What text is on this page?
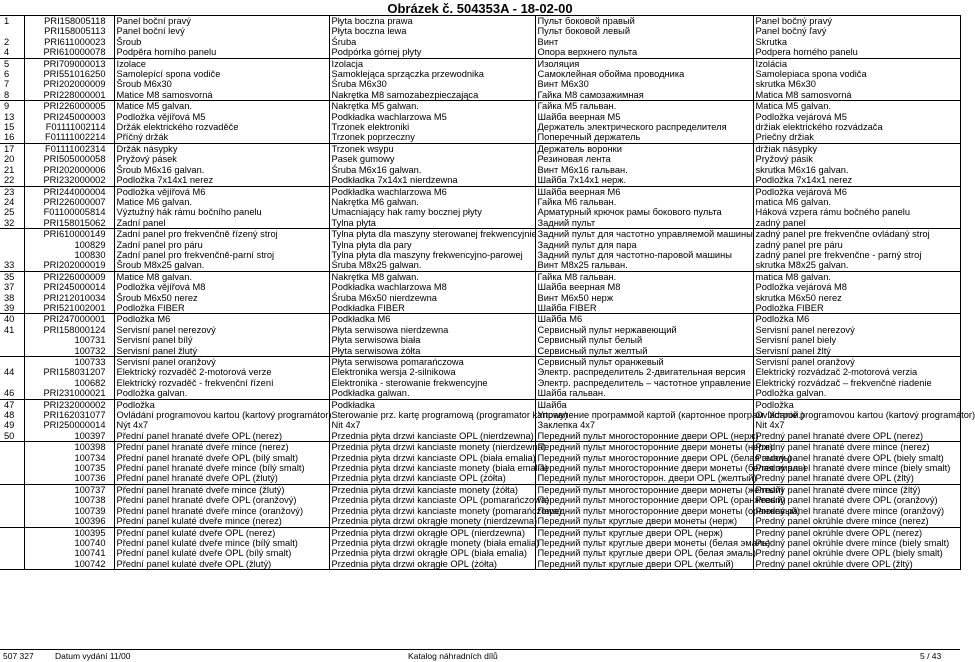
Obrázek č. 504353A - 18-02-00
1	PRI158005118	Panel boční pravý	Płyta boczna prawa	Пульт боковой правый	Panel bočný pravý
	PRI158005113	Panel boční levý	Płyta boczna lewa	Пульт боковой левый	Panel bočný ľavý
2	PRI611000023	Šroub	Śruba	Винт	Skrutka
4	PRI610000078	Podpěra horního panelu	Podpórka górnej płyty	Опора верхнего пульта	Podpera horného panelu
5	PRI709000013	Izolace	Izolacja	Изоляция	Izolácia
6	PRI551016250	Samolepící spona vodiče	Samoklejąca sprzączka przewodnika	Самоклейная обойма проводника	Samolepiaca spona vodiča
7	PRI202000009	Šroub M6x30	Śruba M6x30	Винт M6x30	skrutka M6x30
8	PRI228000001	Matice M8 samosvorná	Nakrętka M8 samozabezpieczająca	Гайка M8 самозажимная	Matica M8 samosvorná
9	PRI226000005	Matice M5 galvan.	Nakrętka M5 galwan.	Гайка M5 гальван.	Matica M5 galvan.
13	PRI245000003	Podložka vějířová M5	Podkładka wachlarzowa M5	Шайба веерная M5	Podložka vejárová M5
15	F01111002114	Držák elektrického rozvaděče	Trzonek elektroniki	Держатель электрического распределителя	držiak elektrického rozvádzača
16	F01111002214	Příčný držák	Trzonek poprzeczny	Поперечный держатель	Priečny držiak
17	F01111002314	Držák násypky	Trzonek wsypu	Держатель воронки	držiak násypky
20	PRI505000058	Pryžový pásek	Pasek gumowy	Резиновая лента	Pryžový pásik
21	PRI202000006	Šroub M6x16 galvan.	Śruba M6x16 galwan.	Винт M6x16 гальван.	skrutka M6x16 galvan.
22	PRI232000002	Podložka 7x14x1 nerez	Podkładka 7x14x1 nierdzewna	Шайба 7x14x1 нерж.	Podložka 7x14x1 nerez
23	PRI244000004	Podložka vějířová M6	Podkładka wachlarzowa M6	Шайба веерная M6	Podložka vejárová M6
24	PRI226000007	Matice M6 galvan.	Nakrętka M6 galwan.	Гайка M6 гальван.	matica M6 galvan.
25	F01100005814	Výztužný hák rámu bočního panelu	Umacniający hak ramy bocznej płyty	Арматурный крючок рамы бокового пульта	Háková vzpera rámu bočného panelu
32	PRI158015062	Zadní panel	Tylna płyta	Задний пульт	zadný panel
	PRI610000149	Zadní panel pro frekvenčně řízený stroj	Tylna płyta dla maszyny sterowanej frekwencyjnie	Задний пульт для частотно управляемой машины	zadný panel pre frekvenčne ovládaný stroj
	100829	Zadní panel pro páru	Tylna płyta dla pary	Задний пульт для пара	zadný panel pre páru
	100830	Zadní panel pro frekvenčně-parní stroj	Tylna płyta dla maszyny frekwencyjno-parowej	Задний пульт для частотно-паровой машины	zadný panel pre frekvenčne - parný stroj
33	PRI202000019	Šroub M8x25 galvan.	Śruba M8x25 galwan.	Винт M8x25 гальван.	skrutka M8x25 galvan.
35	PRI226000009	Matice M8 galvan.	Nakrętka M8 galwan.	Гайка M8 гальван.	matica M8 galvan.
37	PRI245000014	Podložka vějířová M8	Podkładka wachlarzowa M8	Шайба веерная M8	Podložka vejárová M8
38	PRI212010034	Šroub M6x50 nerez	Śruba M6x50 nierdzewna	Винт M6x50 нерж	skrutka M6x50 nerez
39	PRI521002001	Podložka FIBER	Podkładka FIBER	Шайба FIBER	Podložka FIBER
40	PRI247000001	Podložka M6	Podkładka M6	Шайба M6	Podložka M6
41	PRI158000124	Servisní panel nerezový	Płyta serwisowa nierdzewna	Сервисный пульт нержавеющий	Servisní panel nerezový
	100731	Servisní panel bílý	Płyta serwisowa biała	Сервисный пульт белый	Servisní panel biely
	100732	Servisní panel žlutý	Płyta serwisowa żółta	Сервисный пульт желтый	Servisní panel žltý
	100733	Servisní panel oranžový	Płyta serwisowa pomarańczowa	Сервисный пульт оранжевый	Servisní panel oranžový
44	PRI158031207	Elektrický rozvaděč 2-motorová verze	Elektronika wersja 2-silnikowa	Электр. распределитель 2-двигательная версия	Elektrický rozvádzač 2-motorová verzia
	100682	Elektrický rozvaděč - frekvenční řízení	Elektronika - sterowanie frekwencyjne	Электр. распределитель – частотное управление	Elektrický rozvádzač – frekvenčné riadenie
46	PRI231000021	Podložka galvan.	Podkładka galwan.	Шайба гальван.	Podložka galvan.
47	PRI232000002	Podložka	Podkładka	Шайба	Podložka
48	PRI162031077	Ovládání programovou kartou (kartový programátor)	Sterowanie prz. kartę programową (programator kartowy)	Управление программой картой (картонное програм. Устрой.)	Ovládanie programovou kartou (kartový programátor)
49	PRI250000014	Nýt 4x7	Nit 4x7	Заклепка 4x7	Nit 4x7
50	100397	Přední panel hranaté dveře OPL (nerez)	Przednia płyta drzwi kanciaste OPL (nierdzewna)	Передний пульт многосторонние двери OPL (нерж)	Predný panel hranaté dvere OPL (nerez)
	100398	Přední panel hranaté dveře mince (nerez)	Przednia płyta drzwi kanciaste monety (nierdzewna)	Передний пульт многосторонние двери монеты (нерж)	Predný panel hranaté dvere mince (nerez)
	100734	Přední panel hranaté dveře OPL (bílý smalt)	Przednia płyta drzwi kanciaste OPL (biała emalia)	Передний пульт многосторонние двери OPL (белая эмаль)	Predný panel hranaté dvere OPL (biely smalt)
	100735	Přední panel hranaté dveře mince (bílý smalt)	Przednia płyta drzwi kanciaste monety (biała emalia)	Передний пульт многосторонние двери монеты (белая эмаль)	Predný panel hranaté dvere mince (biely smalt)
	100736	Přední panel hranaté dveře OPL (žlutý)	Przednia płyta drzwi kanciaste OPL (żółta)	Передний пульт многосторон. двери OPL (желтый)	Predný panel hranaté dvere OPL (žltý)
	100737	Přední panel hranaté dveře mince (žlutý)	Przednia płyta drzwi kanciaste monety (żółta)	Передний пульт многосторонние двери монеты (желтый)	Predný panel hranaté dvere mince (žltý)
	100738	Přední panel hranaté dveře OPL (oranžový)	Przednia płyta drzwi kanciaste OPL (pomarańczowa)	Передний пульт многосторонние двери OPL (оранжевый)	Predný panel hranaté dvere OPL (oranžový)
	100739	Přední panel hranaté dveře mince (oranžový)	Przednia płyta drzwi kanciaste monety (pomarańczowa)	Передний пульт многосторонние двери монеты (оранжевый)	Predný panel hranaté dvere mince (oranžový)
	100396	Přední panel kulaté dveře mince (nerez)	Przednia płyta drzwi okrągłe monety (nierdzewna)	Передний пульт круглые двери монеты (нерж)	Predný panel okrúhle dvere mince (nerez)
	100395	Přední panel kulaté dveře OPL (nerez)	Przednia płyta drzwi okrągłe OPL (nierdzewna)	Передний пульт круглые двери OPL (нерж)	Predný panel okrúhle dvere OPL (nerez)
	100740	Přední panel kulaté dveře mince (bílý smalt)	Przednia płyta drzwi okrągłe monety (biała emalia)	Передний пульт круглые двери монеты (белая эмаль)	Predný panel okrúhle dvere mince (biely smalt)
	100741	Přední panel kulaté dveře OPL (bílý smalt)	Przednia płyta drzwi okrągłe OPL (biała emalia)	Передний пульт круглые двери OPL (белая эмаль)	Predný panel okrúhle dvere OPL (biely smalt)
	100742	Přední panel kulaté dveře OPL (žlutý)	Przednia płyta drzwi okrągłe OPL (żółta)	Передний пульт круглые двери OPL (желтый)	Predný panel okrúhle dvere OPL (žltý)
507 327	Datum vydání 11/00	Katalog náhradních dílů	5 / 43
